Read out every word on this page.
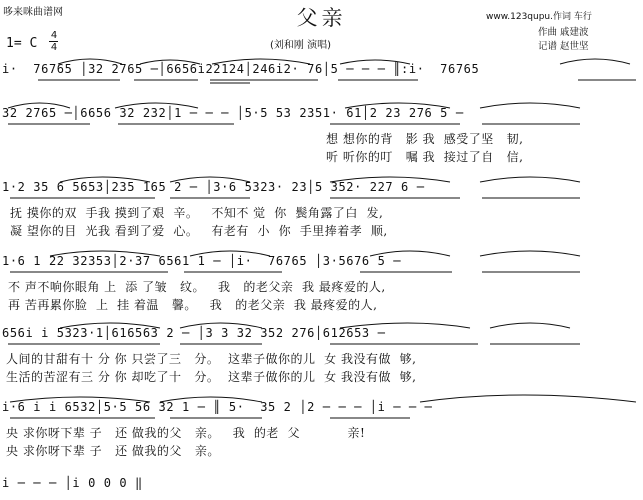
哆来咪曲谱网	父亲
(刘和刚 演唱)
www.123qupu.作词 车行
作曲 戚建波
记谱 赵世坚
1= C
4
4
i·  76765 │32 2765 ─│6656i22124│246i2· 76│5 ─ ─ ─ ║:i·  76765
32 2765 ─│6656 32 232│1 ─ ─ ─ │5·5 53 2351· 61│2 23 276 5 ─
想 想你的背   影 我  感受了坚   韧,
听 听你的叮   嘱 我  接过了自   信,
1·2 35 6 5653│235 165 2 ─ │3·6 5323· 23│5 352· 227 6 ─
抚 摸你的双  手我 摸到了艰  辛。   不知不 觉  你  鬓角露了白  发,
凝 望你的目  光我 看到了爱  心。   有老有  小  你  手里捧着孝  顺,
1·6 1 22 32353│2·37 6561 1 ─ │i·  76765 │3·5676 5 ─
不 声不响你眼角 上  添 了皱   纹。   我   的老父亲  我 最疼爱的人,
再 苦再累你脸  上  挂 着温   馨。   我   的老父亲  我 最疼爱的人,
656i i 5323·1│616563 2 ─ │3 3 32 352 276│612653 ─
人间的甘甜有十 分 你 只尝了三   分。  这辈子做你的儿  女 我没有做  够,
生活的苦涩有三 分 你 却吃了十   分。  这辈子做你的儿  女 我没有做  够,
i·6 i i 6532│5·5 56 32 1 ─ ║ 5·  35 2 │2 ─ ─ ─ │i ─ ─ ─
央 求你呀下辈 子   还 做我的父   亲。   我  的老  父           亲!
央 求你呀下辈 子   还 做我的父   亲。
i ─ ─ ─ │i 0 0 0 ‖
